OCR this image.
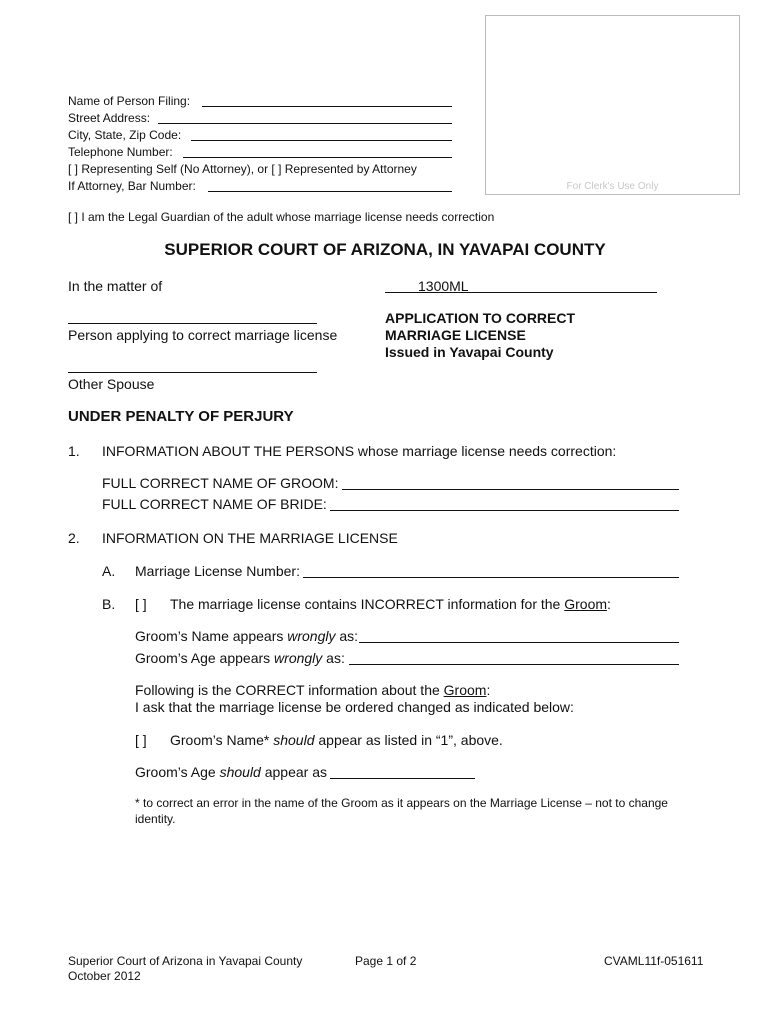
Name of Person Filing:
Street Address:
City, State, Zip Code:
Telephone Number:
[ ] Representing Self (No Attorney), or [ ] Represented by Attorney
If Attorney, Bar Number:	For Clerk's Use Only
[ ] I am the Legal Guardian of the adult whose marriage license needs correction
SUPERIOR COURT OF ARIZONA, IN YAVAPAI COUNTY
In the matter of	1300ML
Person applying to correct marriage license
APPLICATION TO CORRECT
MARRIAGE LICENSE
Issued in Yavapai County
Other Spouse
UNDER PENALTY OF PERJURY
1. INFORMATION ABOUT THE PERSONS whose marriage license needs correction:
FULL CORRECT NAME OF GROOM:
FULL CORRECT NAME OF BRIDE:
2. INFORMATION ON THE MARRIAGE LICENSE
A. Marriage License Number:
B. [ ] The marriage license contains INCORRECT information for the Groom:
Groom’s Name appears wrongly as:
Groom’s Age appears wrongly as:
Following is the CORRECT information about the Groom:
I ask that the marriage license be ordered changed as indicated below:
[ ] Groom’s Name* should appear as listed in “1”, above.
Groom’s Age should appear as
* to correct an error in the name of the Groom as it appears on the Marriage License – not to change
identity.
Superior Court of Arizona in Yavapai County
October 2012
Page 1 of 2	CVAML11f-051611
